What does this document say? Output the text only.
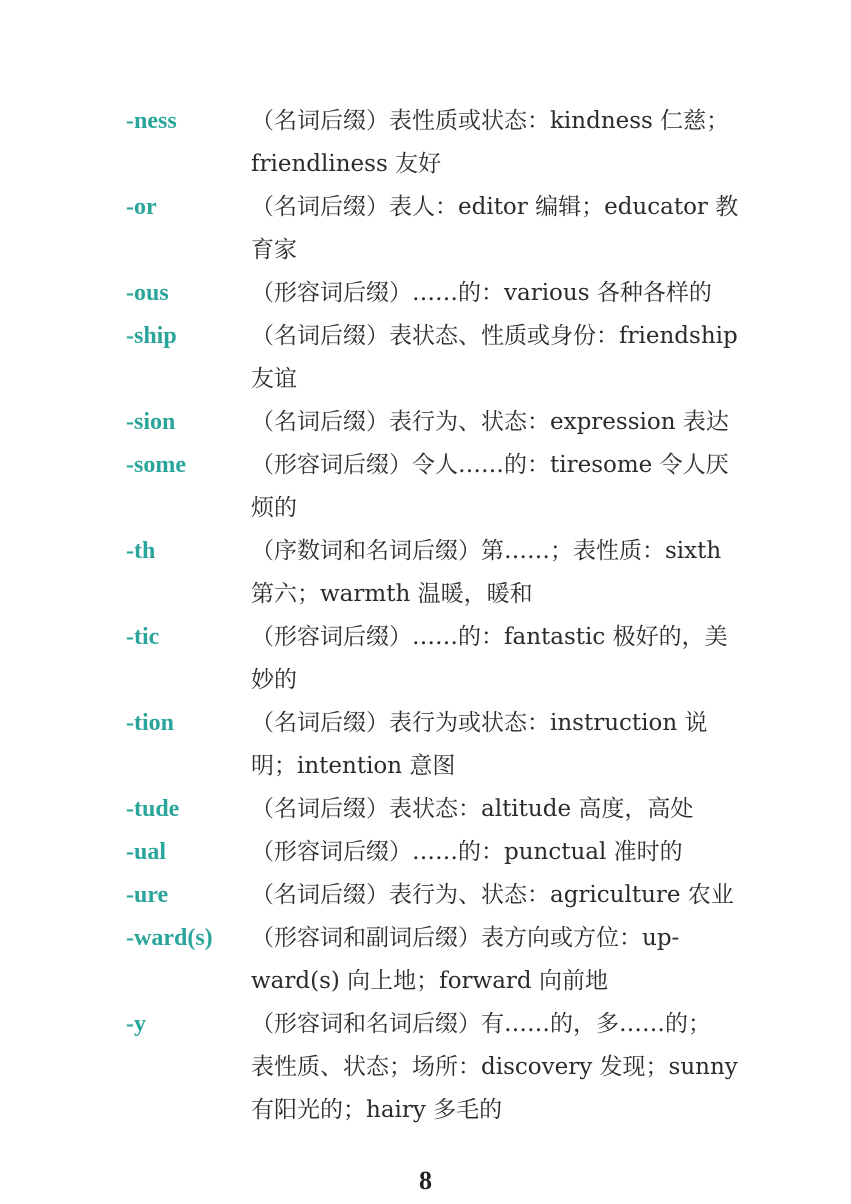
-ness	（名词后缀）表性质或状态：kindness 仁慈；
friendliness 友好
-or	（名词后缀）表人：editor 编辑；educator 教
育家
-ous	（形容词后缀）……的：various 各种各样的
-ship	（名词后缀）表状态、性质或身份：friendship
友谊
-sion	（名词后缀）表行为、状态：expression 表达
-some	（形容词后缀）令人……的：tiresome 令人厌
烦的
-th	（序数词和名词后缀）第……；表性质：sixth
第六；warmth 温暖，暖和
-tic	（形容词后缀）……的：fantastic 极好的，美
妙的
-tion	（名词后缀）表行为或状态：instruction 说
明；intention 意图
-tude	（名词后缀）表状态：altitude 高度，高处
-ual	（形容词后缀）……的：punctual 准时的
-ure	（名词后缀）表行为、状态：agriculture 农业
-ward(s) （形容词和副词后缀）表方向或方位：up-
ward(s) 向上地；forward 向前地
-y	（形容词和名词后缀）有……的，多……的；
表性质、状态；场所：discovery 发现；sunny
有阳光的；hairy 多毛的
8
